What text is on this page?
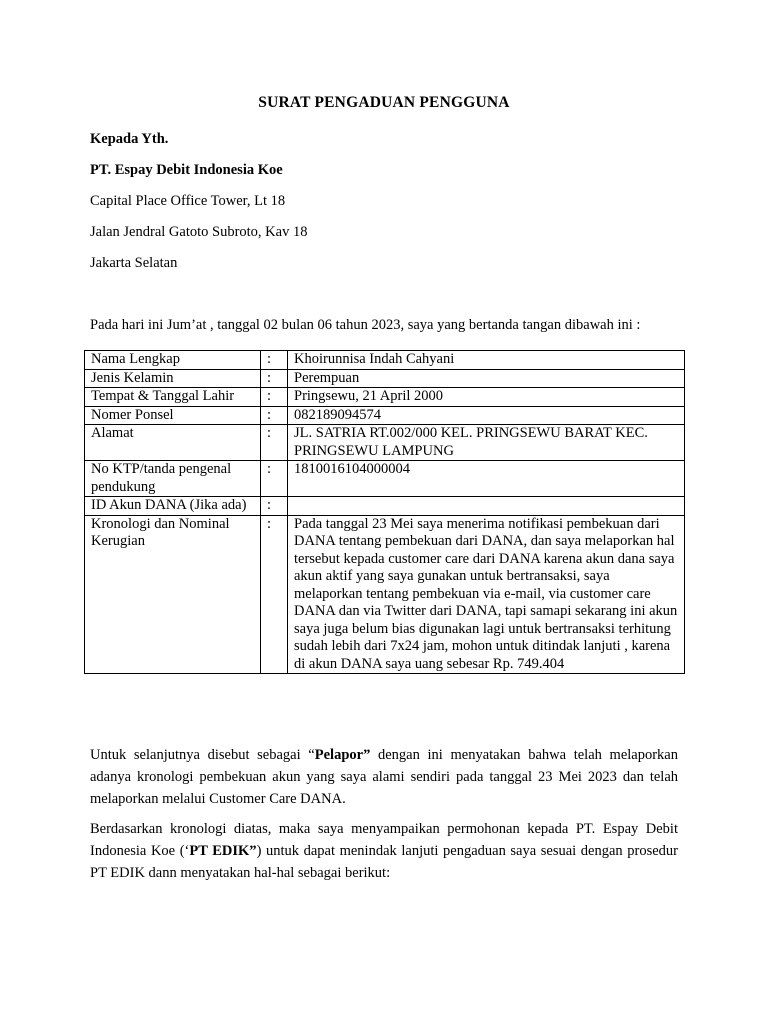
SURAT PENGADUAN PENGGUNA
Kepada Yth.
PT. Espay Debit Indonesia Koe
Capital Place Office Tower, Lt 18
Jalan Jendral Gatoto Subroto, Kav 18
Jakarta Selatan
Pada hari ini Jum’at , tanggal 02 bulan 06 tahun 2023, saya yang bertanda tangan dibawah ini :
Nama Lengkap	:	Khoirunnisa Indah Cahyani
Jenis Kelamin	:	Perempuan
Tempat & Tanggal Lahir	:	Pringsewu, 21 April 2000
Nomer Ponsel	:	082189094574
Alamat	:	JL. SATRIA RT.002/000 KEL. PRINGSEWU BARAT KEC. PRINGSEWU LAMPUNG
No KTP/tanda pengenal pendukung	:	1810016104000004
ID Akun DANA (Jika ada)	:	
Kronologi dan Nominal Kerugian	:	Pada tanggal 23 Mei saya menerima notifikasi pembekuan dari DANA tentang pembekuan dari DANA, dan saya melaporkan hal tersebut kepada customer care dari DANA karena akun dana saya akun aktif yang saya gunakan untuk bertransaksi, saya melaporkan tentang pembekuan via e-mail, via customer care DANA dan via Twitter dari DANA, tapi samapi sekarang ini akun saya juga belum bias digunakan lagi untuk bertransaksi terhitung sudah lebih dari 7x24 jam, mohon untuk ditindak lanjuti , karena di akun DANA saya uang sebesar Rp. 749.404
Untuk selanjutnya disebut sebagai “Pelapor” dengan ini menyatakan bahwa telah melaporkan adanya kronologi pembekuan akun yang saya alami sendiri pada tanggal 23 Mei 2023 dan telah melaporkan melalui Customer Care DANA.
Berdasarkan kronologi diatas, maka saya menyampaikan permohonan kepada PT. Espay Debit Indonesia Koe (‘PT EDIK”) untuk dapat menindak lanjuti pengaduan saya sesuai dengan prosedur PT EDIK dann menyatakan hal-hal sebagai berikut:
